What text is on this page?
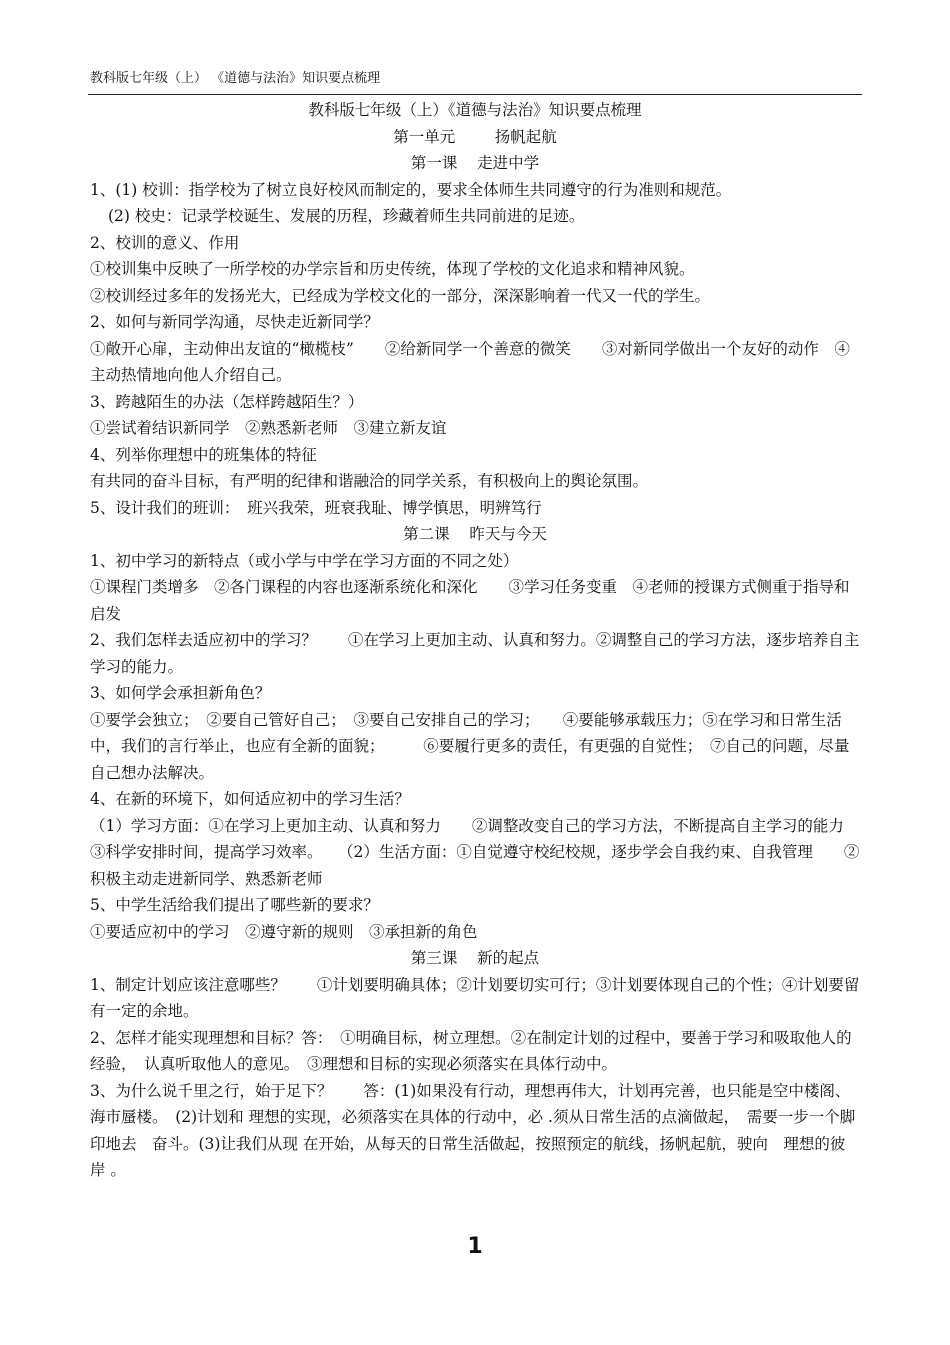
教科版七年级（上） 《道德与法治》知识要点梳理

教科版七年级（上）《道德与法治》知识要点梳理

第一单元        扬帆起航

第一课    走进中学

1、(1) 校训：指学校为了树立良好校风而制定的，要求全体师生共同遵守的行为准则和规范。

(2) 校史：记录学校诞生、发展的历程，珍藏着师生共同前进的足迹。

2、校训的意义、作用

①校训集中反映了一所学校的办学宗旨和历史传统，体现了学校的文化追求和精神风貌。

②校训经过多年的发扬光大，已经成为学校文化的一部分，深深影响着一代又一代的学生。

2、如何与新同学沟通，尽快走近新同学？

①敞开心扉，主动伸出友谊的“橄榄枝”　　②给新同学一个善意的微笑　　③对新同学做出一个友好的动作　④主动热情地向他人介绍自己。

3、跨越陌生的办法（怎样跨越陌生？）

①尝试着结识新同学　②熟悉新老师　③建立新友谊

4、列举你理想中的班集体的特征

有共同的奋斗目标，有严明的纪律和谐融洽的同学关系，有积极向上的舆论氛围。

5、设计我们的班训：　班兴我荣，班衰我耻、博学慎思，明辨笃行

第二课    昨天与今天

1、初中学习的新特点（或小学与中学在学习方面的不同之处）

①课程门类增多　②各门课程的内容也逐渐系统化和深化　　③学习任务变重　④老师的授课方式侧重于指导和启发

2、我们怎样去适应初中的学习？　　①在学习上更加主动、认真和努力。②调整自己的学习方法，逐步培养自主学习的能力。

3、如何学会承担新角色？

①要学会独立；　②要自己管好自己；　③要自己安排自己的学习；　　④要能够承载压力；⑤在学习和日常生活中，我们的言行举止，也应有全新的面貌；　　　⑥要履行更多的责任，有更强的自觉性；　⑦自己的问题，尽量自己想办法解决。

4、在新的环境下，如何适应初中的学习生活？

（1）学习方面：①在学习上更加主动、认真和努力　　②调整改变自己的学习方法，不断提高自主学习的能力　③科学安排时间，提高学习效率。　　（2）生活方面：①自觉遵守校纪校规，逐步学会自我约束、自我管理　　②积极主动走进新同学、熟悉新老师

5、中学生活给我们提出了哪些新的要求？

①要适应初中的学习　②遵守新的规则　③承担新的角色

第三课    新的起点

1、制定计划应该注意哪些？　　①计划要明确具体；②计划要切实可行；③计划要体现自己的个性；④计划要留有一定的余地。

2、怎样才能实现理想和目标？答：　①明确目标，树立理想。②在制定计划的过程中，要善于学习和吸取他人的经验，　认真听取他人的意见。　③理想和目标的实现必须落实在具体行动中。

3、为什么说千里之行，始于足下？　　答：(1)如果没有行动，理想再伟大，计划再完善，也只能是空中楼阁、海市蜃楼。　(2)计划和 理想的实现，必须落实在具体的行动中，必 .须从日常生活的点滴做起，　需要一步一个脚印地去　奋斗。(3)让我们从现 在开始，从每天的日常生活做起，按照预定的航线，扬帆起航，驶向　理想的彼岸 。

1
